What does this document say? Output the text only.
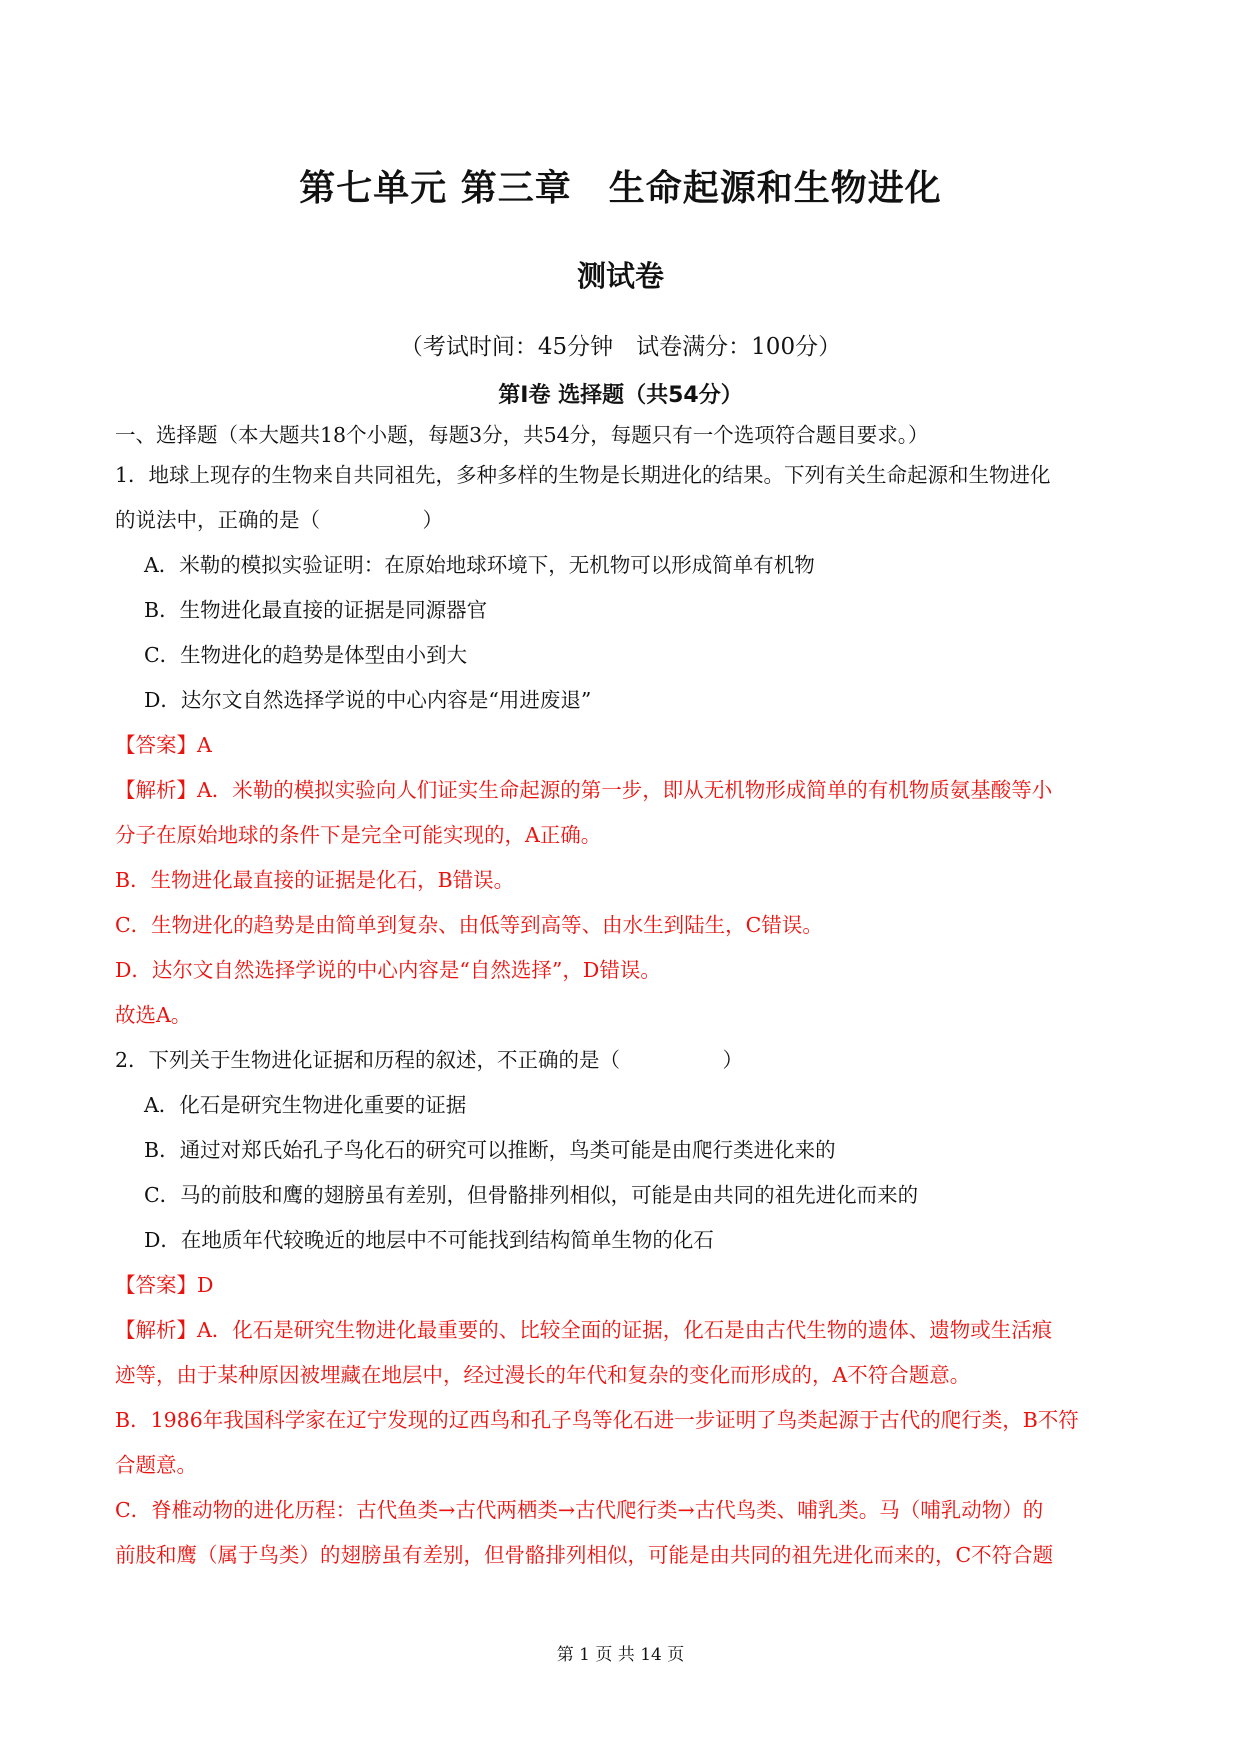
第七单元 第三章　生命起源和生物进化
测试卷
（考试时间：45分钟　试卷满分：100分）
第Ⅰ卷 选择题（共54分）
一、选择题（本大题共18个小题，每题3分，共54分，每题只有一个选项符合题目要求。）
1．地球上现存的生物来自共同祖先，多种多样的生物是长期进化的结果。下列有关生命起源和生物进化
的说法中，正确的是（　　　　　）
A．米勒的模拟实验证明：在原始地球环境下，无机物可以形成简单有机物
B．生物进化最直接的证据是同源器官
C．生物进化的趋势是体型由小到大
D．达尔文自然选择学说的中心内容是“用进废退”
【答案】A
【解析】A．米勒的模拟实验向人们证实生命起源的第一步，即从无机物形成简单的有机物质氨基酸等小
分子在原始地球的条件下是完全可能实现的，A正确。
B．生物进化最直接的证据是化石，B错误。
C．生物进化的趋势是由简单到复杂、由低等到高等、由水生到陆生，C错误。
D．达尔文自然选择学说的中心内容是“自然选择”，D错误。
故选A。
2．下列关于生物进化证据和历程的叙述，不正确的是（　　　　　）
A．化石是研究生物进化重要的证据
B．通过对郑氏始孔子鸟化石的研究可以推断，鸟类可能是由爬行类进化来的
C．马的前肢和鹰的翅膀虽有差别，但骨骼排列相似，可能是由共同的祖先进化而来的
D．在地质年代较晚近的地层中不可能找到结构简单生物的化石
【答案】D
【解析】A．化石是研究生物进化最重要的、比较全面的证据，化石是由古代生物的遗体、遗物或生活痕
迹等，由于某种原因被埋藏在地层中，经过漫长的年代和复杂的变化而形成的，A不符合题意。
B．1986年我国科学家在辽宁发现的辽西鸟和孔子鸟等化石进一步证明了鸟类起源于古代的爬行类，B不符
合题意。
C．脊椎动物的进化历程：古代鱼类→古代两栖类→古代爬行类→古代鸟类、哺乳类。马（哺乳动物）的
前肢和鹰（属于鸟类）的翅膀虽有差别，但骨骼排列相似，可能是由共同的祖先进化而来的，C不符合题
第 1 页 共 14 页
